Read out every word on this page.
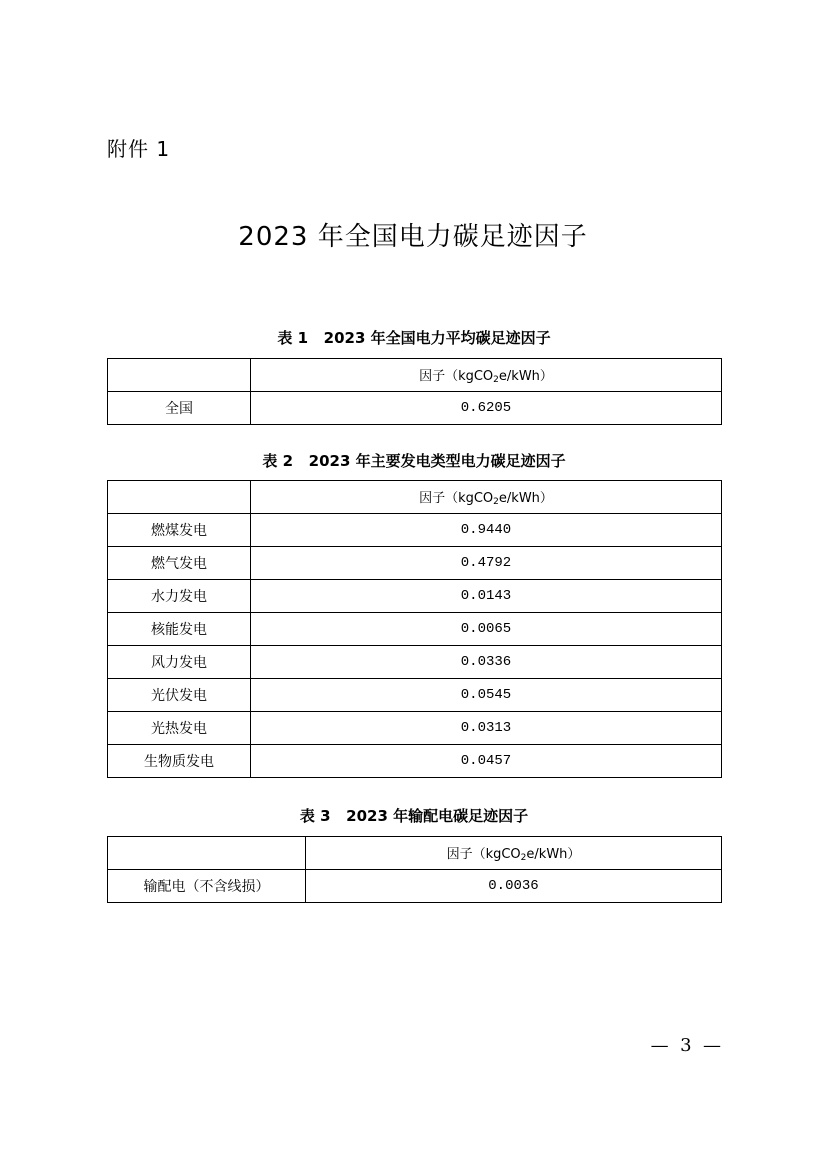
附件 1
2023 年全国电力碳足迹因子
表 1   2023 年全国电力平均碳足迹因子
	因子（kgCO$_2$e/kWh）
全国	0.6205
表 2   2023 年主要发电类型电力碳足迹因子
	因子（kgCO$_2$e/kWh）
燃煤发电	0.9440
燃气发电	0.4792
水力发电	0.0143
核能发电	0.0065
风力发电	0.0336
光伏发电	0.0545
光热发电	0.0313
生物质发电	0.0457
表 3   2023 年输配电碳足迹因子
	因子（kgCO$_2$e/kWh）
输配电（不含线损）	0.0036
—  3  —
